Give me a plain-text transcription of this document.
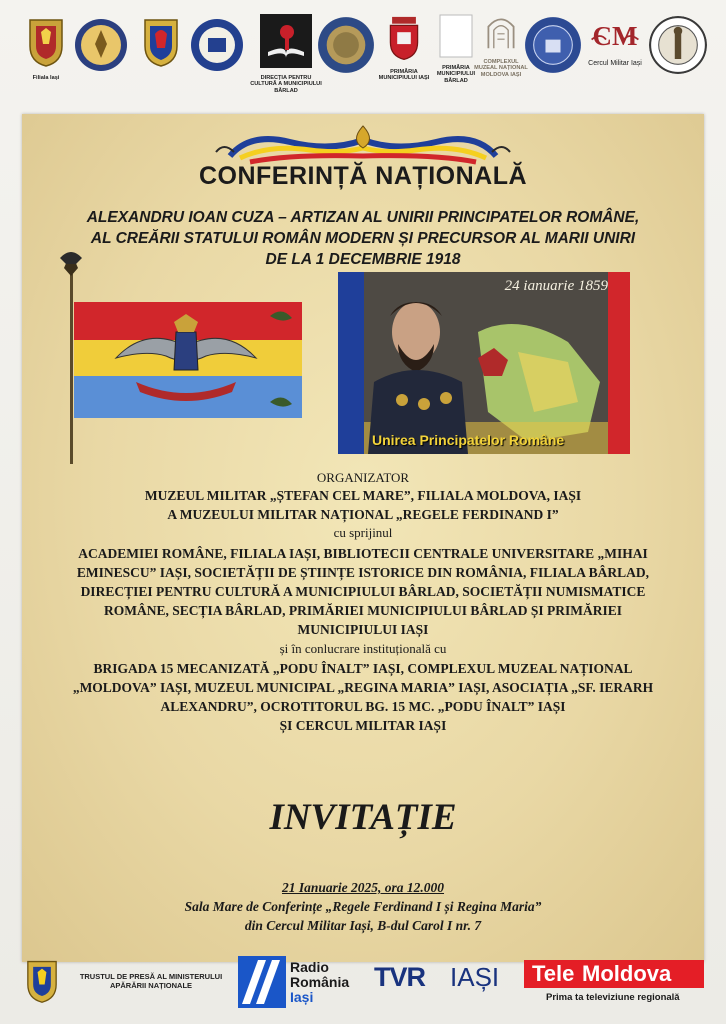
Filiala Iași	DIRECȚIA PENTRU CULTURĂ A MUNICIPIULUI BÂRLAD
PRIMĂRIA MUNICIPIULUI IAȘI
PRIMĂRIA MUNICIPIULUI BÂRLAD
COMPLEXUL MUZEAL NAȚIONAL MOLDOVA IAȘI
CM
Cercul Militar Iași
CONFERINȚĂ NAȚIONALĂ
ALEXANDRU IOAN CUZA – ARTIZAN AL UNIRII PRINCIPATELOR ROMÂNE,
AL CREĂRII STATULUI ROMÂN MODERN ȘI PRECURSOR AL MARII UNIRI
DE LA 1 DECEMBRIE 1918
24 ianuarie 1859
Unirea Principatelor Române
ORGANIZATOR
MUZEUL MILITAR „ȘTEFAN CEL MARE”, FILIALA MOLDOVA, IAȘI
A MUZEULUI MILITAR NAȚIONAL „REGELE FERDINAND I”
cu sprijinul
ACADEMIEI ROMÂNE, FILIALA IAȘI, BIBLIOTECII CENTRALE UNIVERSITARE „MIHAI
EMINESCU” IAȘI, SOCIETĂȚII DE ȘTIINȚE ISTORICE DIN ROMÂNIA, FILIALA BÂRLAD,
DIRECȚIEI PENTRU CULTURĂ A MUNICIPIULUI BÂRLAD, SOCIETĂȚII NUMISMATICE
ROMÂNE, SECȚIA BÂRLAD, PRIMĂRIEI MUNICIPIULUI BÂRLAD ȘI PRIMĂRIEI
MUNICIPIULUI IAȘI
și în conlucrare instituțională cu
BRIGADA 15 MECANIZATĂ „PODU ÎNALT” IAȘI, COMPLEXUL MUZEAL NAȚIONAL
„MOLDOVA” IAȘI, MUZEUL MUNICIPAL „REGINA MARIA” IAȘI, ASOCIAȚIA „SF. IERARH
ALEXANDRU”, OCROTITORUL BG. 15 MC. „PODU ÎNALT” IAȘI
ȘI CERCUL MILITAR IAȘI
INVITAȚIE
21 Ianuarie 2025, ora 12.000
Sala Mare de Conferințe „Regele Ferdinand I și Regina Maria”
din Cercul Militar Iași, B-dul Carol I nr. 7
TRUSTUL DE PRESĂ AL MINISTERULUI APĂRĂRII NAȚIONALE
Radio
România
Iași
TVR IAȘI Tele Moldova
Prima ta televiziune regională
